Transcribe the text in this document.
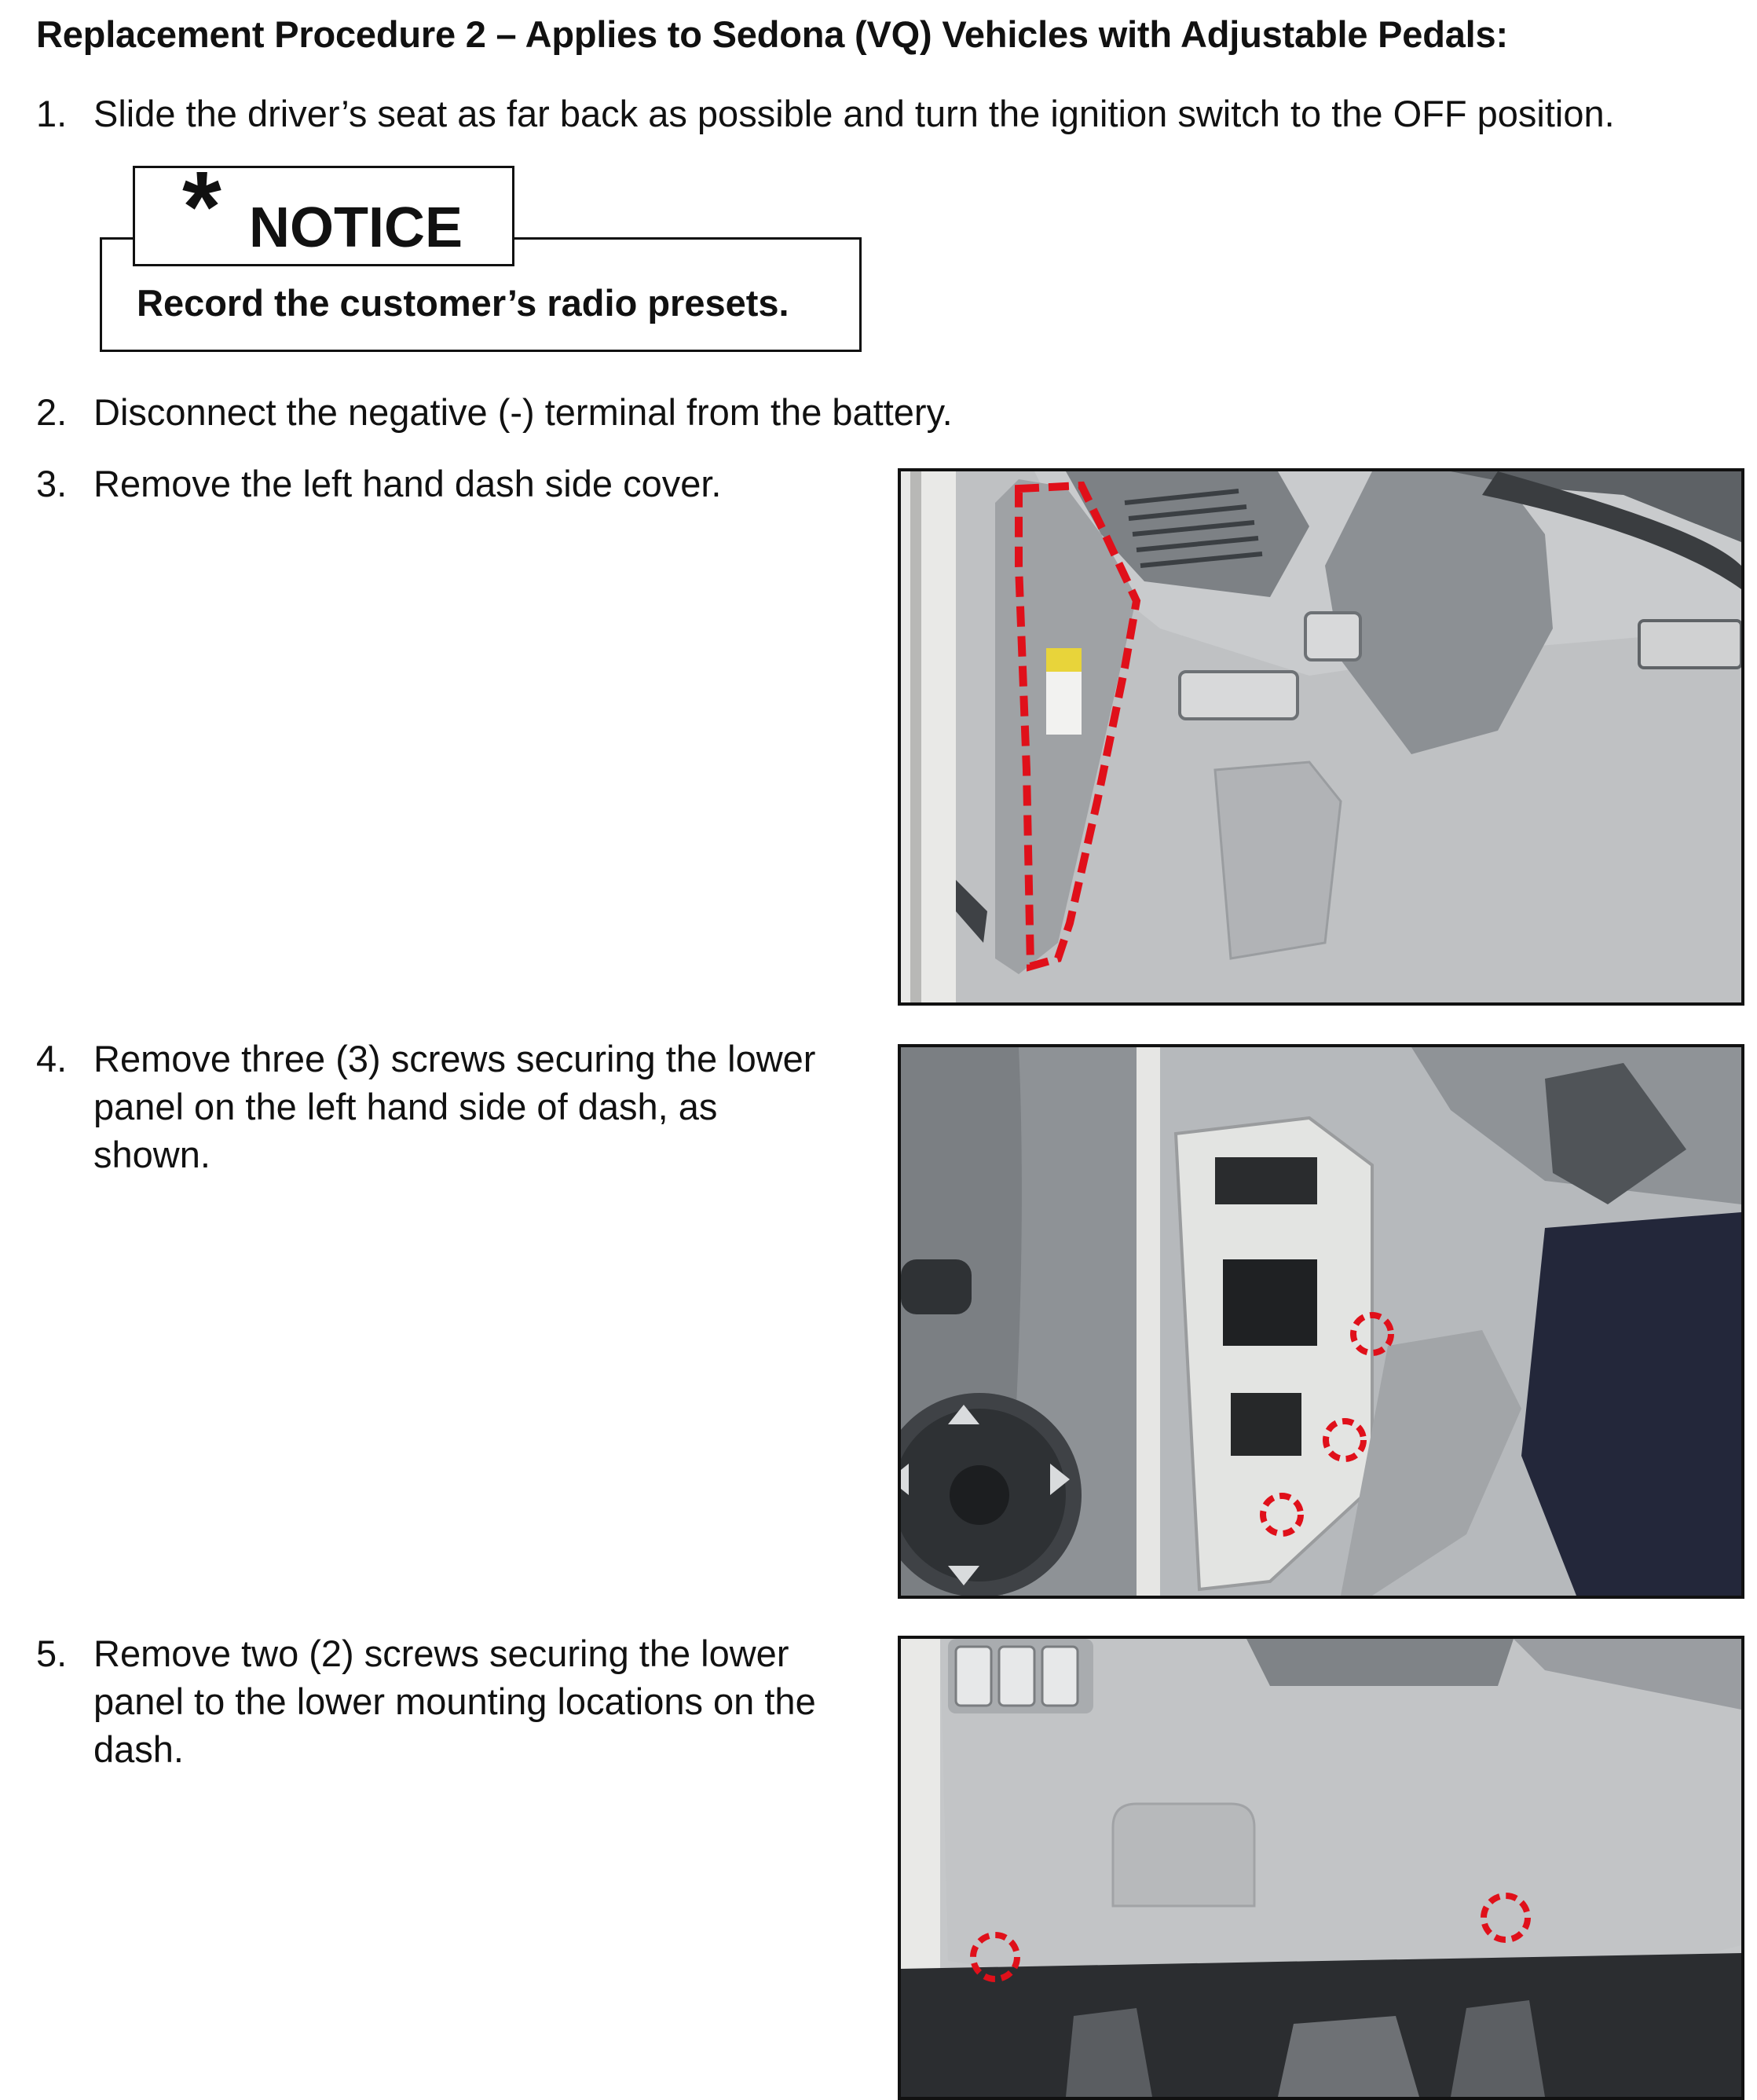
Replacement Procedure 2 – Applies to Sedona (VQ) Vehicles with Adjustable Pedals:
1. Slide the driver’s seat as far back as possible and turn the ignition switch to the OFF position.
Record the customer’s radio presets.
* NOTICE
2. Disconnect the negative (-) terminal from the battery.
3. Remove the left hand dash side cover.
4. Remove three (3) screws securing the lower
panel on the left hand side of dash, as
shown.
5. Remove two (2) screws securing the lower
panel to the lower mounting locations on the
dash.
